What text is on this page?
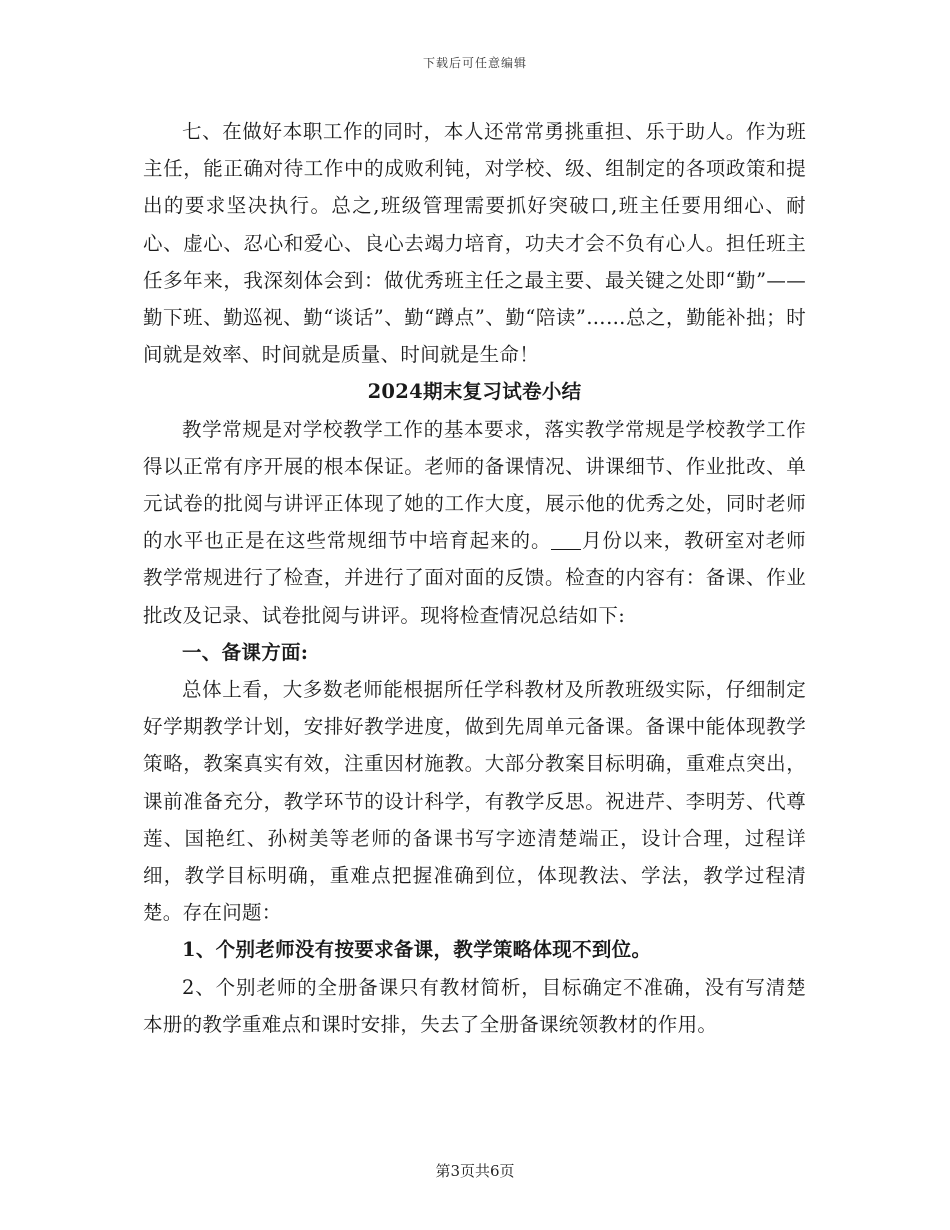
下载后可任意编辑

七、在做好本职工作的同时，本人还常常勇挑重担、乐于助人。作为班主任，能正确对待工作中的成败利钝，对学校、级、组制定的各项政策和提出的要求坚决执行。总之,班级管理需要抓好突破口,班主任要用细心、耐心、虚心、忍心和爱心、良心去竭力培育，功夫才会不负有心人。担任班主任多年来，我深刻体会到：做优秀班主任之最主要、最关键之处即“勤”——勤下班、勤巡视、勤“谈话”、勤“蹲点”、勤“陪读”……总之，勤能补拙；时间就是效率、时间就是质量、时间就是生命！

2024期末复习试卷小结

教学常规是对学校教学工作的基本要求，落实教学常规是学校教学工作得以正常有序开展的根本保证。老师的备课情况、讲课细节、作业批改、单元试卷的批阅与讲评正体现了她的工作大度，展示他的优秀之处，同时老师的水平也正是在这些常规细节中培育起来的。 月份以来，教研室对老师教学常规进行了检查，并进行了面对面的反馈。检查的内容有：备课、作业批改及记录、试卷批阅与讲评。现将检查情况总结如下:

一、备课方面:

总体上看，大多数老师能根据所任学科教材及所教班级实际，仔细制定好学期教学计划，安排好教学进度，做到先周单元备课。备课中能体现教学策略，教案真实有效，注重因材施教。大部分教案目标明确，重难点突出，课前准备充分，教学环节的设计科学，有教学反思。祝进芹、李明芳、代尊莲、国艳红、孙树美等老师的备课书写字迹清楚端正，设计合理，过程详细，教学目标明确，重难点把握准确到位，体现教法、学法，教学过程清楚。存在问题：

1、个别老师没有按要求备课，教学策略体现不到位。

2、个别老师的全册备课只有教材简析，目标确定不准确，没有写清楚本册的教学重难点和课时安排，失去了全册备课统领教材的作用。

第3页共6页
